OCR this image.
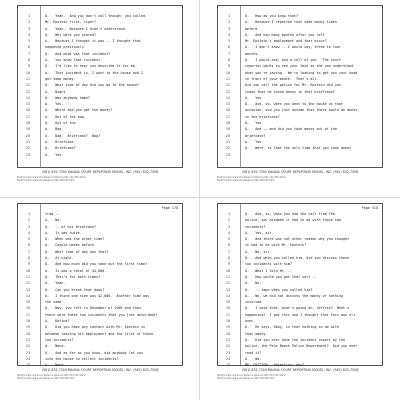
1	Q.   Yeah.  And you don't call though; you called
2	Mr. Epstein first, right?
3	A.   Yeah.  Because I didn't understand.
4	Q.   Why were you scared?
5	A.   Because I thought it was -- I thought that
6	happened previously.
7	Q.   And what was that incident?
8	A.   You know that incident.
9	Q.   I'd like to hear you describe it for me.
10	A.   That incident is, I went to the house and I
11	got some money.
12	Q.   What time of day did you go to the house?
13	A.   Night.
14	Q.   Was anybody home?
15	A.   Yes.
16	Q.   Where did you get the money?
17	A.   Out of the bag.
18	Q.   Out of the
19	A.   Bag.
20	Q.   Bag.  Briefcase?  Bag?
21	A.   Briefcase.
22	Q.   Briefcase?
23	A.   Yes.
(561) 832-7500 MAGNA COURT REPORTING MODEL, INC. (561) 832-7506
Electronically signed by Rebecca Osborne (601-234-345-4444)
Electronically signed by Rebecca (501-238-450-544)
1	Q.   How do you know that?
2	A.   Because I reported that some money times
3	before.
4	Q.   And how many months after you left
5	Mr. Epstein's employment and that occur?
6	A.   I don't know -- I would say, three to four
7	months.
8	Q.   I would ask, and a tell of you.  The court
9	reporter wants to see your face so she can understand
10	what you're saying.  We're looking to get you your head
11	in front of your mouth.  That's all.
12	Did you call the police for Mr. Epstein did you
13	leave that he found money in that briefcase?
14	A.   Yes.
15	Q.   And, so, when you went to the house on that
16	occasion, did you just assume that there would be money
17	in the briefcase?
18	A.   Yes.
19	Q.   And -- and did you take money out of the
20	briefcase?
21	A.   Yes.
22	Q.   Were, is that the only time that you took money
23
(561) 832-7500 MAGNA COURT REPORTING MODEL, INC. (561) 832-7506
Electronically signed by Rebecca Osborne (601-234-345-4444)
Electronically signed by Rebecca (501-238-450-544)
Page 170
1	from --
2	A.   No.
3	Q.   -- of his briefcase?
4	A.   It was twice.
5	Q.   When was the other time?
6	A.   Couple weeks before.
7	Q.   What time of day was that?
8	A.   At night.
9	Q.   And how much did you take out the first time?
10	A.   It was a total of $4,000.
11	Q.   That's for both times?
12	A.   Yeah.
13	Q.   Can you break that down?
14	A.   I think one time was $2,000.  Another time was
15	the same.
16	Q.   Now, you left in December of 2005 and then
17	there were these two incidents that you just described?
18	A.   Define?
19	Q.   Did you have any contact with Mr. Epstein in
20	between leaving his employment and the first of these
21	two incidents?
22	A.   None.
23	Q.   And as far as you know, did anybody let you
24	into the house to collect incidents?
25	A.   None.
(561) 832-7500 MAGNA COURT REPORTING MODEL, INC. (561) 832-7506
Electronically signed by Rebecca Osborne (601-234-345-4444)
Electronically signed by Rebecca (501-238-450-544)
Page 510
1	Q.   And, so, when you had the call from the
2	police, you assumed it had to do with those two
3	incidents?
4	A.   Yes, sir.
5	Q.   And there was not other reason why you thought
6	it had to do with Mr. Epstein?
7	A.   No, sir.
8	Q.   And when you called him, did you discuss these
9	two incidents with him?
10	A.   What I told Mr. --
11	Q.   How would you get that sort --
12	A.   No.
13	Q.   -- tape when you called him?
14	A.   No, we did not discuss the money or nothing
15	involved.
16	Q.   I said that, what's going on, Jeffrey?  What's
17	happening?  I got this and I thought that this was all
18	over.
19	Q.   He says, Okay, is that nothing to do with
20	that money.
21	Q.   Did you ever have the incident report by the
22	police, the Palm Beach Police Department?  Did you ever
23	read it?
24	A.   No.
25	MR. CRITTON:  Objection; why?
(561) 832-7500 MAGNA COURT REPORTING MODEL, INC. (561) 832-7506
Electronically signed by Rebecca Osborne (601-234-345-4444)
Electronically signed by Rebecca (501-238-450-544)
